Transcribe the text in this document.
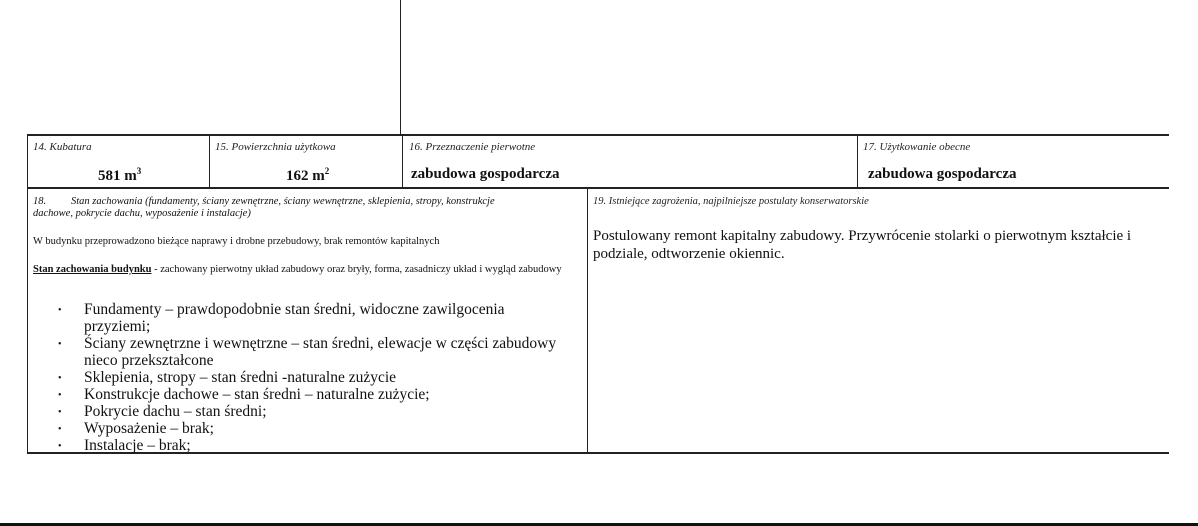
14. Kubatura
581 $m^3$
15. Powierzchnia użytkowa
162 $m^2$
16. Przeznaczenie pierwotne
zabudowa gospodarcza
17. Użytkowanie obecne
zabudowa gospodarcza
18. Stan zachowania (fundamenty, ściany zewnętrzne, ściany wewnętrzne, sklepienia, stropy, konstrukcje
dachowe, pokrycie dachu, wyposażenie i instalacje)
W budynku przeprowadzono bieżące naprawy i drobne przebudowy, brak remontów kapitalnych
Stan zachowania budynku - zachowany pierwotny układ zabudowy oraz bryły, forma, zasadniczy układ i wygląd zabudowy
• Fundamenty – prawdopodobnie stan średni, widoczne zawilgocenia przyziemi;
• Ściany zewnętrzne i wewnętrzne – stan średni, elewacje w części zabudowy nieco przekształcone
• Sklepienia, stropy – stan średni -naturalne zużycie
• Konstrukcje dachowe – stan średni – naturalne zużycie;
• Pokrycie dachu – stan średni;
• Wyposażenie – brak;
• Instalacje – brak;
19. Istniejące zagrożenia, najpilniejsze postulaty konserwatorskie
Postulowany remont kapitalny zabudowy. Przywrócenie stolarki o pierwotnym kształcie i podziale, odtworzenie okiennic.
